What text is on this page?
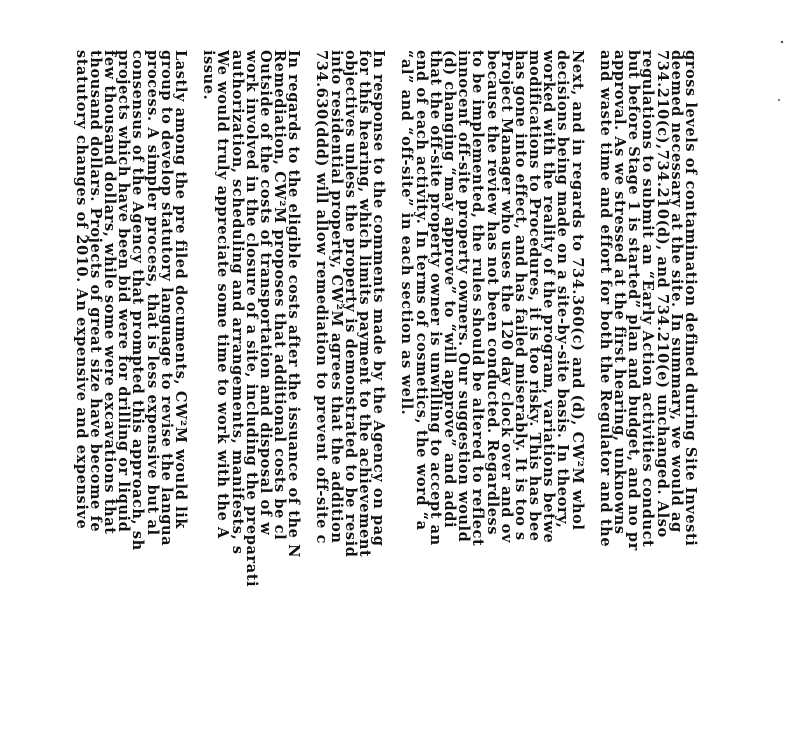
gross levels of contamination defined during Site Investi
deemed necessary at the site. In summary, we would ag
734.210(c),734.210(d), and 734.210(e) unchanged. Also
regulations to submit an “Early Action activities conduct
but before Stage 1 is started” plan and budget, and no pr
approval. As we stressed at the first hearing, unknowns
and waste time and effort for both the Regulator and the
Next, and in regards to 734.360(c) and (d), CW²M whol
decisions being made on a site-by-site basis. In theory,
worked with the reality of the program, variations betwe
modifications to Procedures, it is too risky. This has bee
has gone into effect, and has failed miserably. It is too s
Project Manager who uses the 120 day clock over and ov
because the review has not been conducted. Regardless
to be implemented, the rules should be altered to reflect
innocent off-site property owners. Our suggestion would
(d) changing “may approve” to “will approve” and addi
that the off-site property owner is unwilling to accept an
end of each activity. In terms of cosmetics, the word “a
“al” and “off-site” in each section as well.
In response to the comments made by the Agency on pag
for this hearing, which limits payment to the achievement
objectives unless the property is demonstrated to be resid
into residential property, CW²M agrees that the addition
734.630(ddd) will allow remediation to prevent off-site c
In regards to the eligible costs after the issuance of the N
Remediation, CW²M proposes that additional costs be cl
Outside of the costs of transportation and disposal of w
work involved in the closure of a site, including the preparati
authorization, scheduling and arrangements, manifests, s
We would truly appreciate some time to work with the A
issue.
Lastly among the pre filed documents, CW²M would lik
group to develop statutory language to revise the langua
process. A simpler process, that is less expensive but al
consensus of the Agency that prompted this approach, sh
projects which have been bid were for drilling or liquid
few thousand dollars, while some were excavations that
thousand dollars. Projects of great size have become fe
statutory changes of 2010. An expensive and expensive
